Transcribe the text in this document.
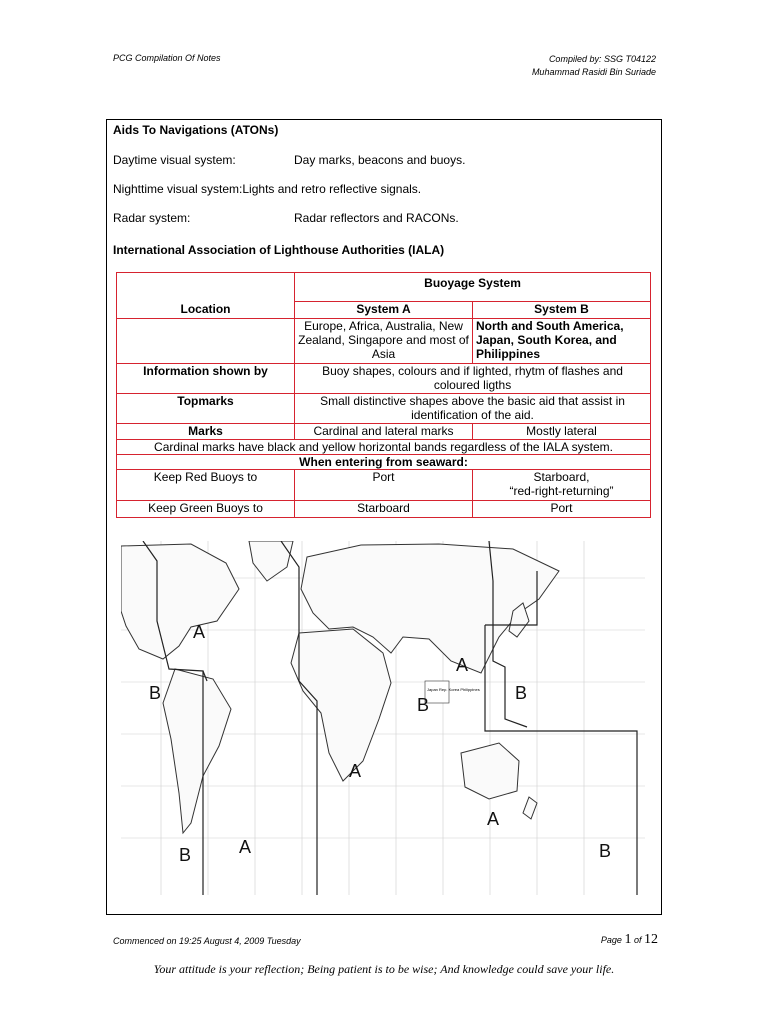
PCG Compilation Of Notes	Compiled by: SSG T04122
Muhammad Rasidi Bin Suriade
Aids To Navigations (ATONs)
Daytime visual system:	Day marks, beacons and buoys.
Nighttime visual system:Lights and retro reflective signals.
Radar system:	Radar reflectors and RACONs.
International Association of Lighthouse Authorities (IALA)
Location	Buoyage System	
	System A	System B
	Europe, Africa, Australia, New Zealand, Singapore and most of Asia	North and South America, Japan, South Korea, and Philippines
Information shown by	Buoy shapes, colours and if lighted, rhytm of flashes and coloured ligths	
Topmarks	Small distinctive shapes above the basic aid that assist in identification of the aid.	
Marks	Cardinal and lateral marks	Mostly lateral
Cardinal marks have black and yellow horizontal bands regardless of the IALA system.		
When entering from seaward:		
Keep Red Buoys to	Port	Starboard,
“red-right-returning”

Keep Green Buoys to	Starboard	Port
Japan Rep. Korea Philippines
A
B
A
A
B
A
B
B	A	B
Commenced on 19:25 August 4, 2009 Tuesday	Page 1 of 12
Your attitude is your reflection; Being patient is to be wise; And knowledge could save your life.
